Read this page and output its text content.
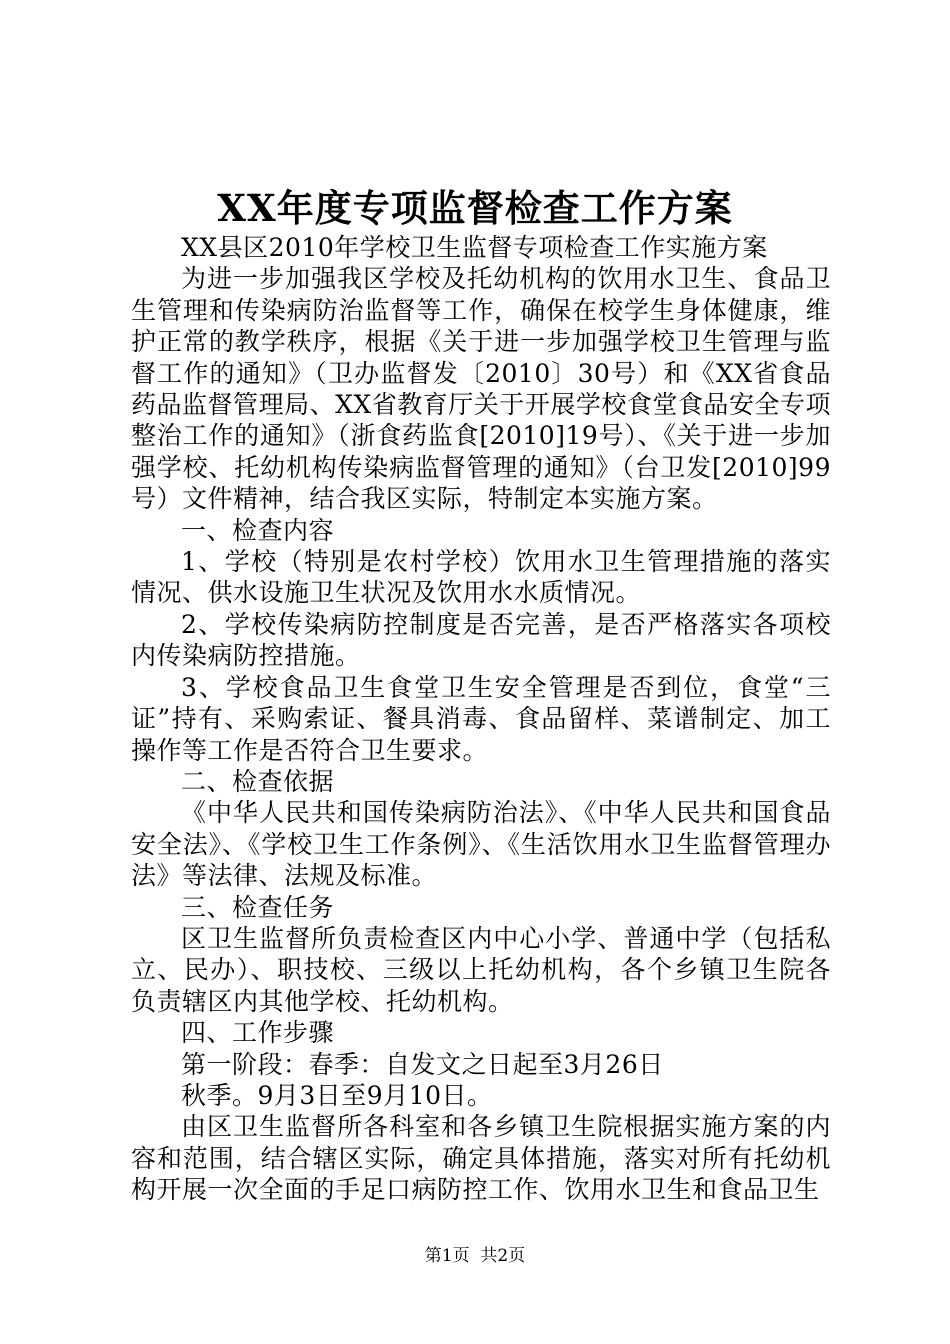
XX年度专项监督检查工作方案

XX县区2010年学校卫生监督专项检查工作实施方案

为进一步加强我区学校及托幼机构的饮用水卫生、食品卫生管理和传染病防治监督等工作，确保在校学生身体健康，维护正常的教学秩序，根据《关于进一步加强学校卫生管理与监督工作的通知》（卫办监督发〔2010〕30号）和《XX省食品药品监督管理局、XX省教育厅关于开展学校食堂食品安全专项整治工作的通知》（浙食药监食[2010]19号）、《关于进一步加强学校、托幼机构传染病监督管理的通知》（台卫发[2010]99号）文件精神，结合我区实际，特制定本实施方案。

一、检查内容

1、学校（特别是农村学校）饮用水卫生管理措施的落实情况、供水设施卫生状况及饮用水水质情况。

2、学校传染病防控制度是否完善，是否严格落实各项校内传染病防控措施。

3、学校食品卫生食堂卫生安全管理是否到位，食堂“三证”持有、采购索证、餐具消毒、食品留样、菜谱制定、加工操作等工作是否符合卫生要求。

二、检查依据

《中华人民共和国传染病防治法》、《中华人民共和国食品安全法》、《学校卫生工作条例》、《生活饮用水卫生监督管理办法》等法律、法规及标准。

三、检查任务

区卫生监督所负责检查区内中心小学、普通中学（包括私立、民办）、职技校、三级以上托幼机构，各个乡镇卫生院各负责辖区内其他学校、托幼机构。

四、工作步骤

第一阶段：春季：自发文之日起至3月26日

秋季。9月3日至9月10日。

由区卫生监督所各科室和各乡镇卫生院根据实施方案的内容和范围，结合辖区实际，确定具体措施，落实对所有托幼机构开展一次全面的手足口病防控工作、饮用水卫生和食品卫生

第1页 共2页
